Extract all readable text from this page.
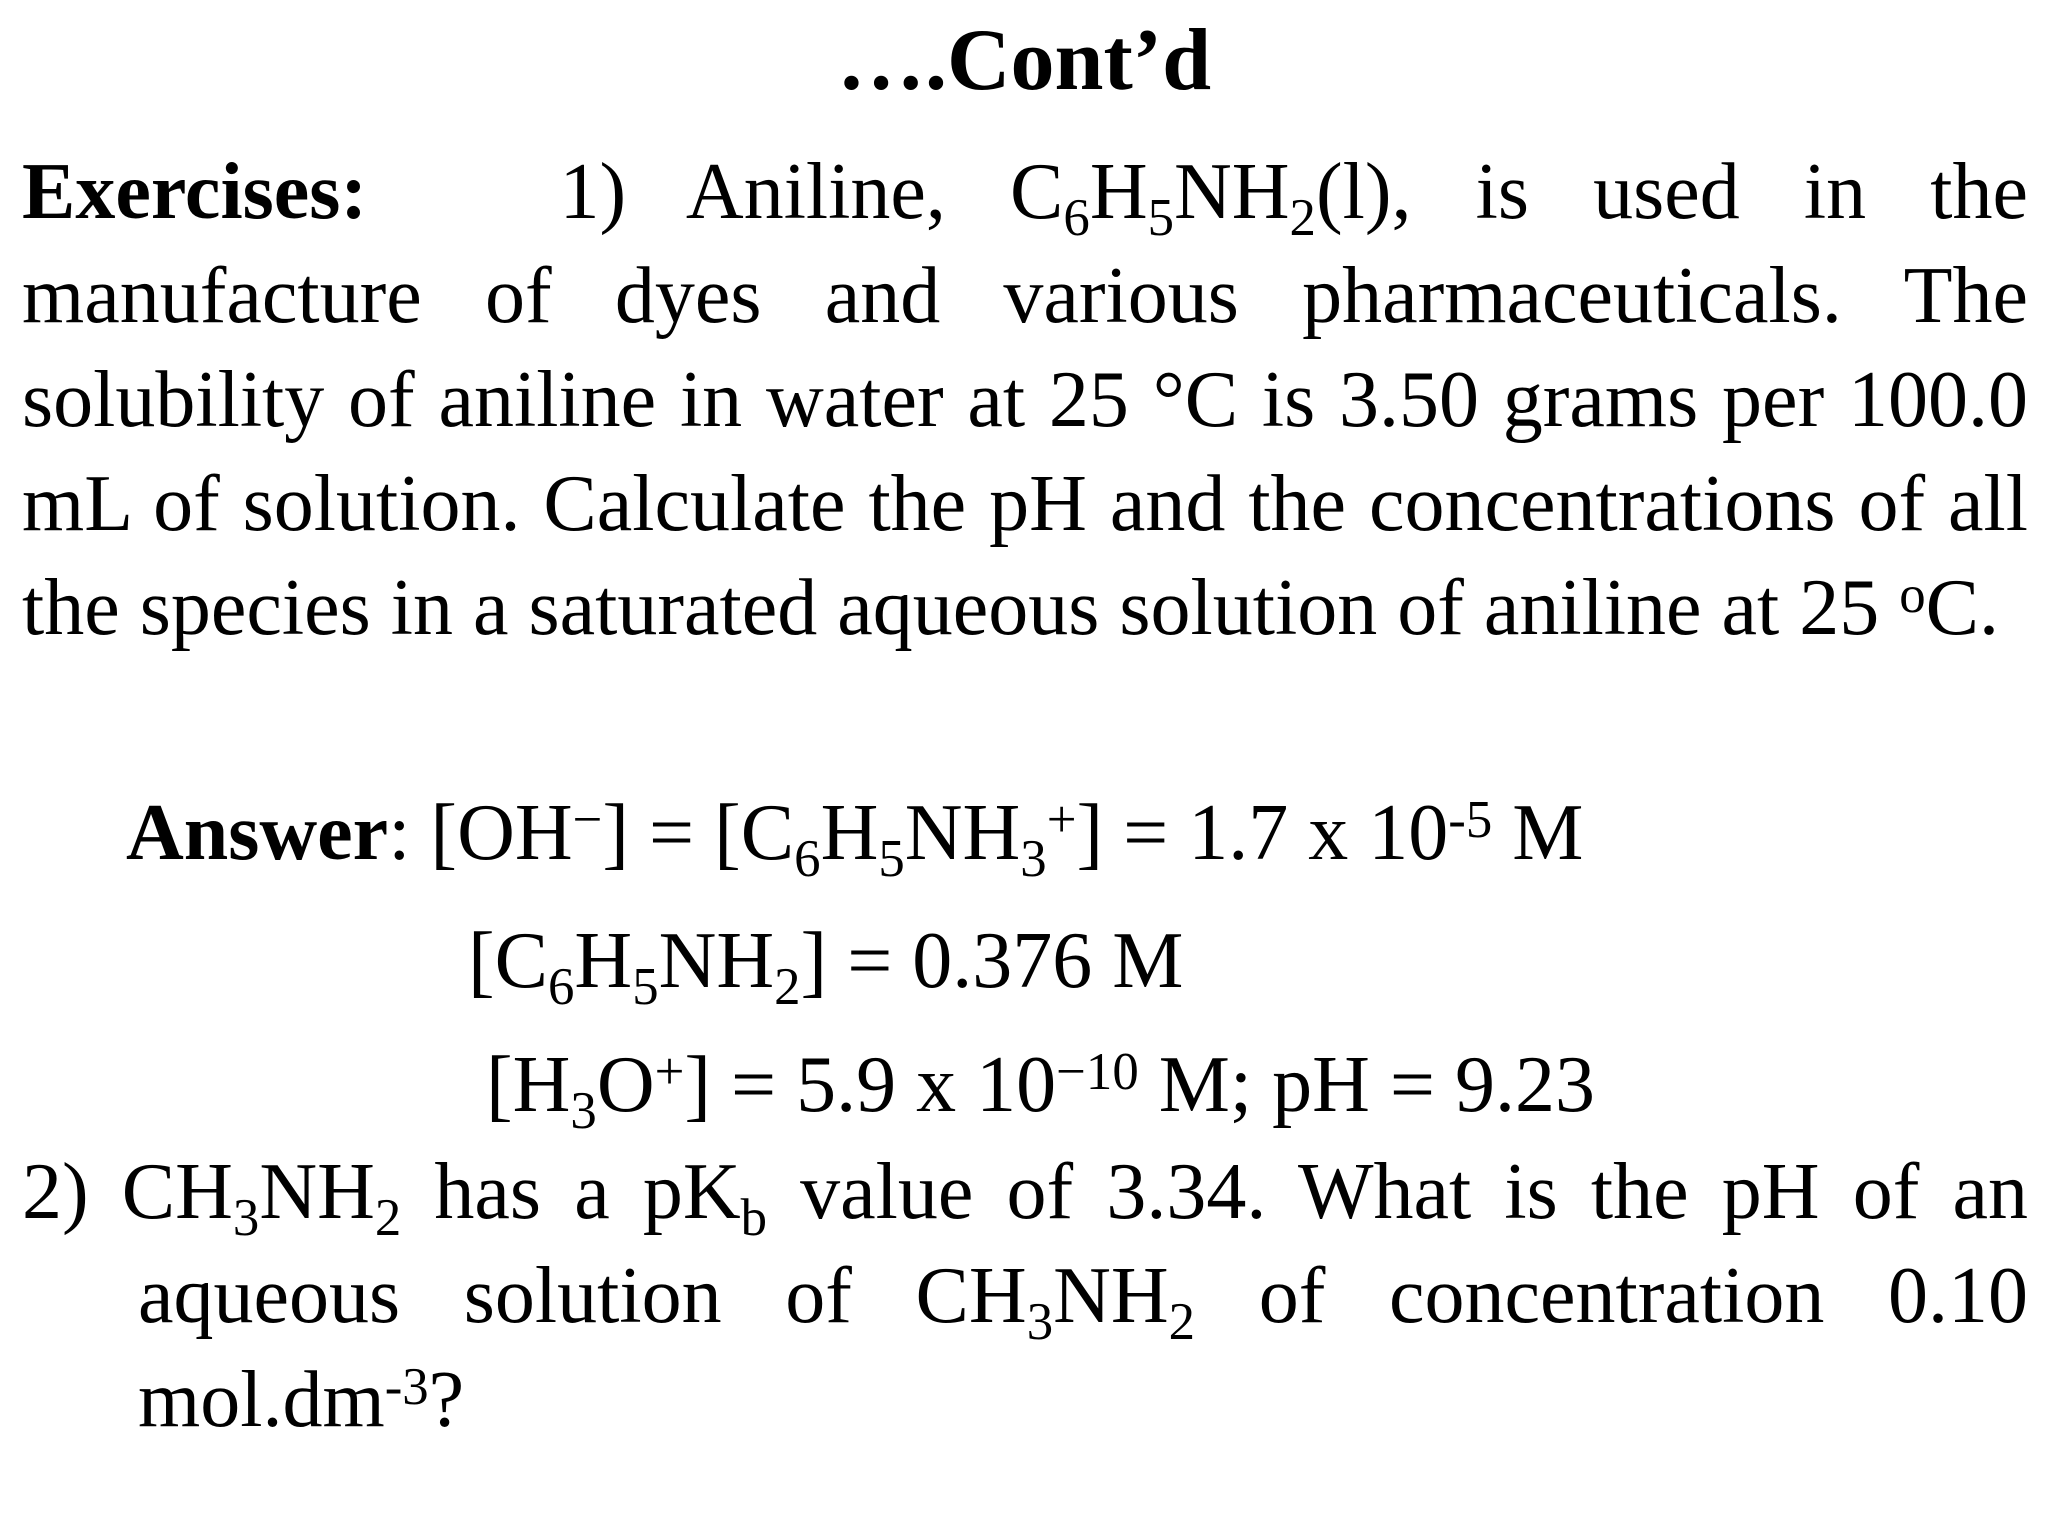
….Cont’d
Exercises: 1) Aniline, $C_6H_5NH_2(l)$, is used in the manufacture of dyes and various pharmaceuticals. The solubility of aniline in water at 25 °C is 3.50 grams per 100.0 mL of solution. Calculate the pH and the concentrations of all the species in a saturated aqueous solution of aniline at 25 $^o$C.
Answer: $[OH^-] = [C_6H_5NH_3^+] = 1.7$ x $10^{-5}$ M
$[C_6H_5NH_2] = 0.376$ M
$[H_3O^+] = 5.9$ x $10^{-10}$ M; pH = 9.23
2) $CH_3NH_2$ has a $pK_b$ value of 3.34. What is the pH of an
aqueous solution of $CH_3NH_2$ of concentration 0.10 $mol.dm^{-3}$?
